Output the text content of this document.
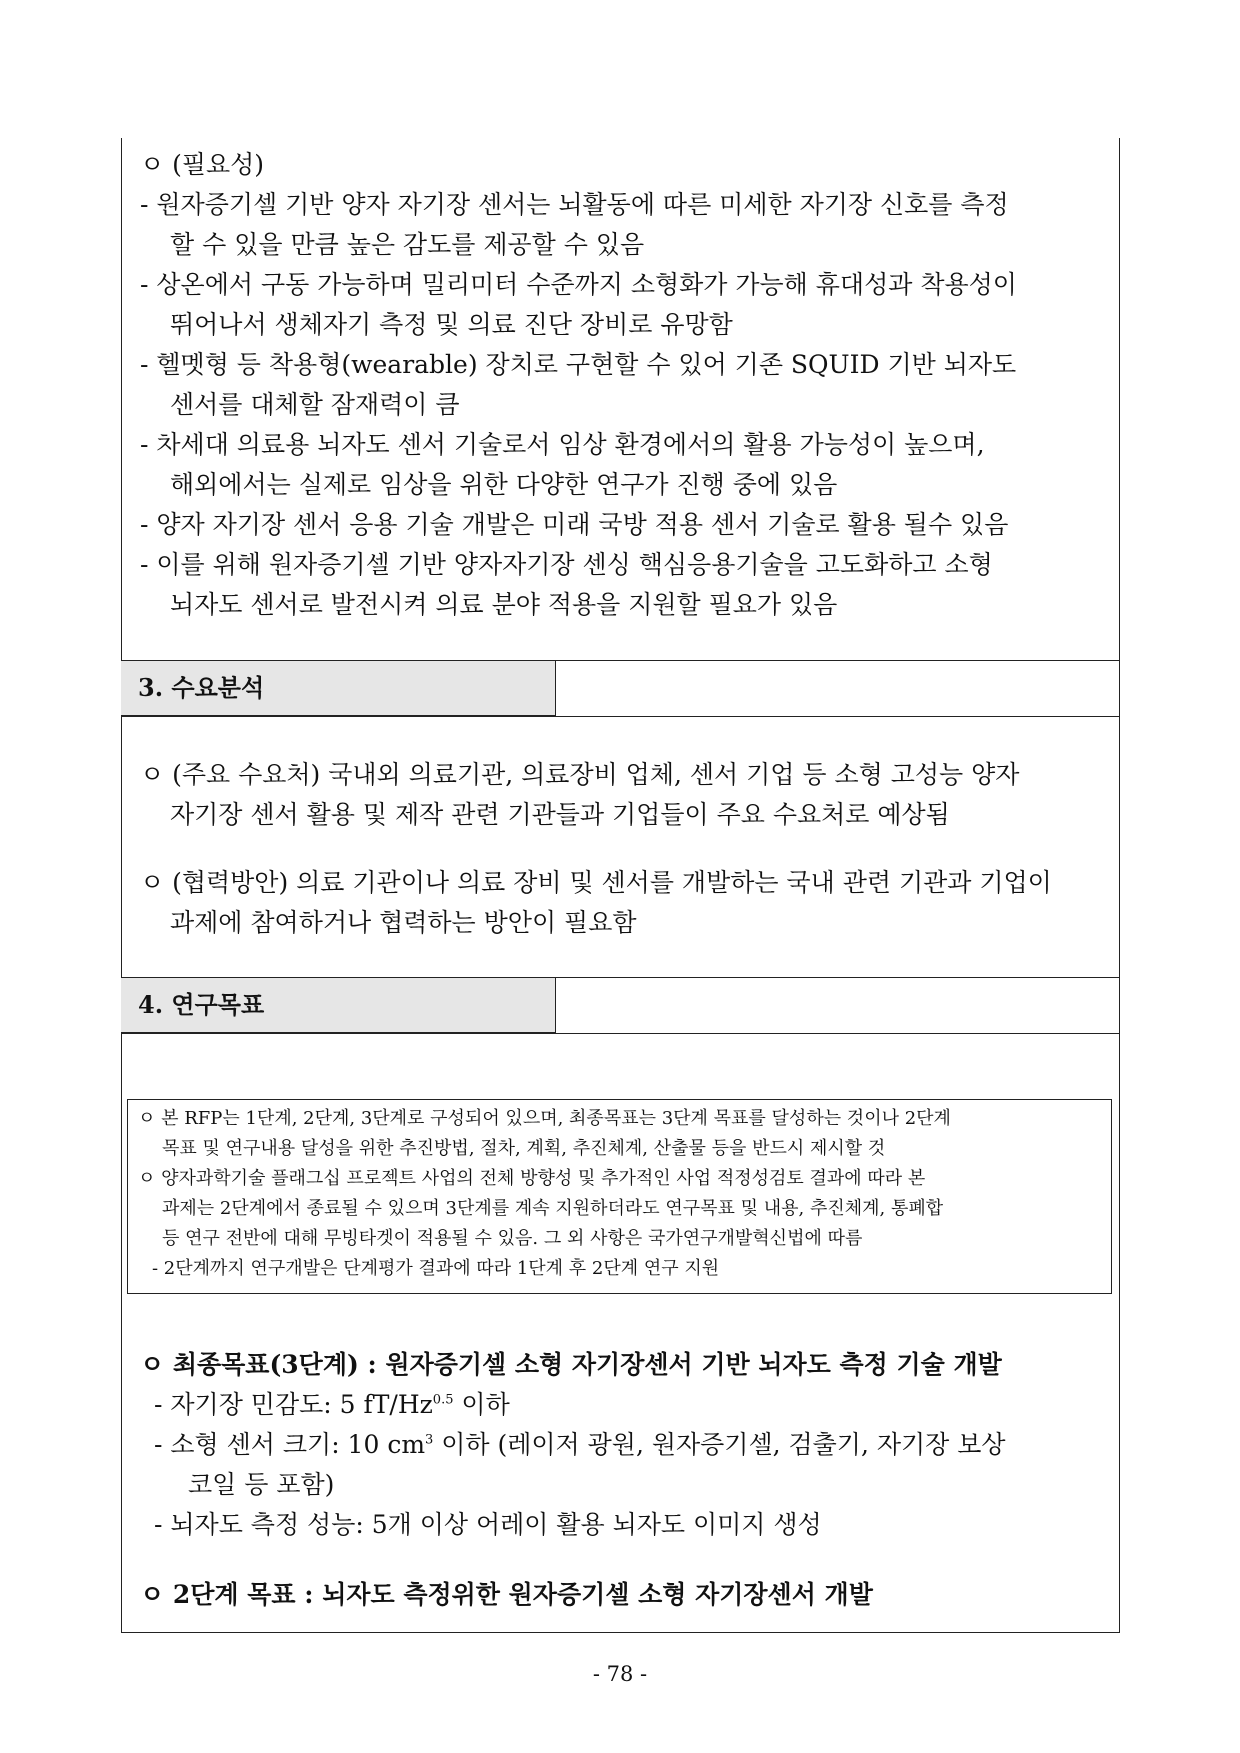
ㅇ (필요성)
- 원자증기셀 기반 양자 자기장 센서는 뇌활동에 따른 미세한 자기장 신호를 측정
할 수 있을 만큼 높은 감도를 제공할 수 있음
- 상온에서 구동 가능하며 밀리미터 수준까지 소형화가 가능해 휴대성과 착용성이
뛰어나서 생체자기 측정 및 의료 진단 장비로 유망함
- 헬멧형 등 착용형(wearable) 장치로 구현할 수 있어 기존 SQUID 기반 뇌자도
센서를 대체할 잠재력이 큼
- 차세대 의료용 뇌자도 센서 기술로서 임상 환경에서의 활용 가능성이 높으며,
해외에서는 실제로 임상을 위한 다양한 연구가 진행 중에 있음
- 양자 자기장 센서 응용 기술 개발은 미래 국방 적용 센서 기술로 활용 될수 있음
- 이를 위해 원자증기셀 기반 양자자기장 센싱 핵심응용기술을 고도화하고 소형
뇌자도 센서로 발전시켜 의료 분야 적용을 지원할 필요가 있음
3. 수요분석
ㅇ (주요 수요처) 국내외 의료기관, 의료장비 업체, 센서 기업 등 소형 고성능 양자
자기장 센서 활용 및 제작 관련 기관들과 기업들이 주요 수요처로 예상됨
ㅇ (협력방안) 의료 기관이나 의료 장비 및 센서를 개발하는 국내 관련 기관과 기업이
과제에 참여하거나 협력하는 방안이 필요함
4. 연구목표
ㅇ 본 RFP는 1단계, 2단계, 3단계로 구성되어 있으며, 최종목표는 3단계 목표를 달성하는 것이나 2단계
목표 및 연구내용 달성을 위한 추진방법, 절차, 계획, 추진체계, 산출물 등을 반드시 제시할 것
ㅇ 양자과학기술 플래그십 프로젝트 사업의 전체 방향성 및 추가적인 사업 적정성검토 결과에 따라 본
과제는 2단계에서 종료될 수 있으며 3단계를 계속 지원하더라도 연구목표 및 내용, 추진체계, 통폐합
등 연구 전반에 대해 무빙타겟이 적용될 수 있음. 그 외 사항은 국가연구개발혁신법에 따름
- 2단계까지 연구개발은 단계평가 결과에 따라 1단계 후 2단계 연구 지원
ㅇ 최종목표(3단계) : 원자증기셀 소형 자기장센서 기반 뇌자도 측정 기술 개발
- 자기장 민감도: 5 $fT/Hz^{0.5}$ 이하
- 소형 센서 크기: 10 $cm^3$ 이하 (레이저 광원, 원자증기셀, 검출기, 자기장 보상
코일 등 포함)
- 뇌자도 측정 성능: 5개 이상 어레이 활용 뇌자도 이미지 생성
ㅇ 2단계 목표 : 뇌자도 측정위한 원자증기셀 소형 자기장센서 개발
- 78 -
